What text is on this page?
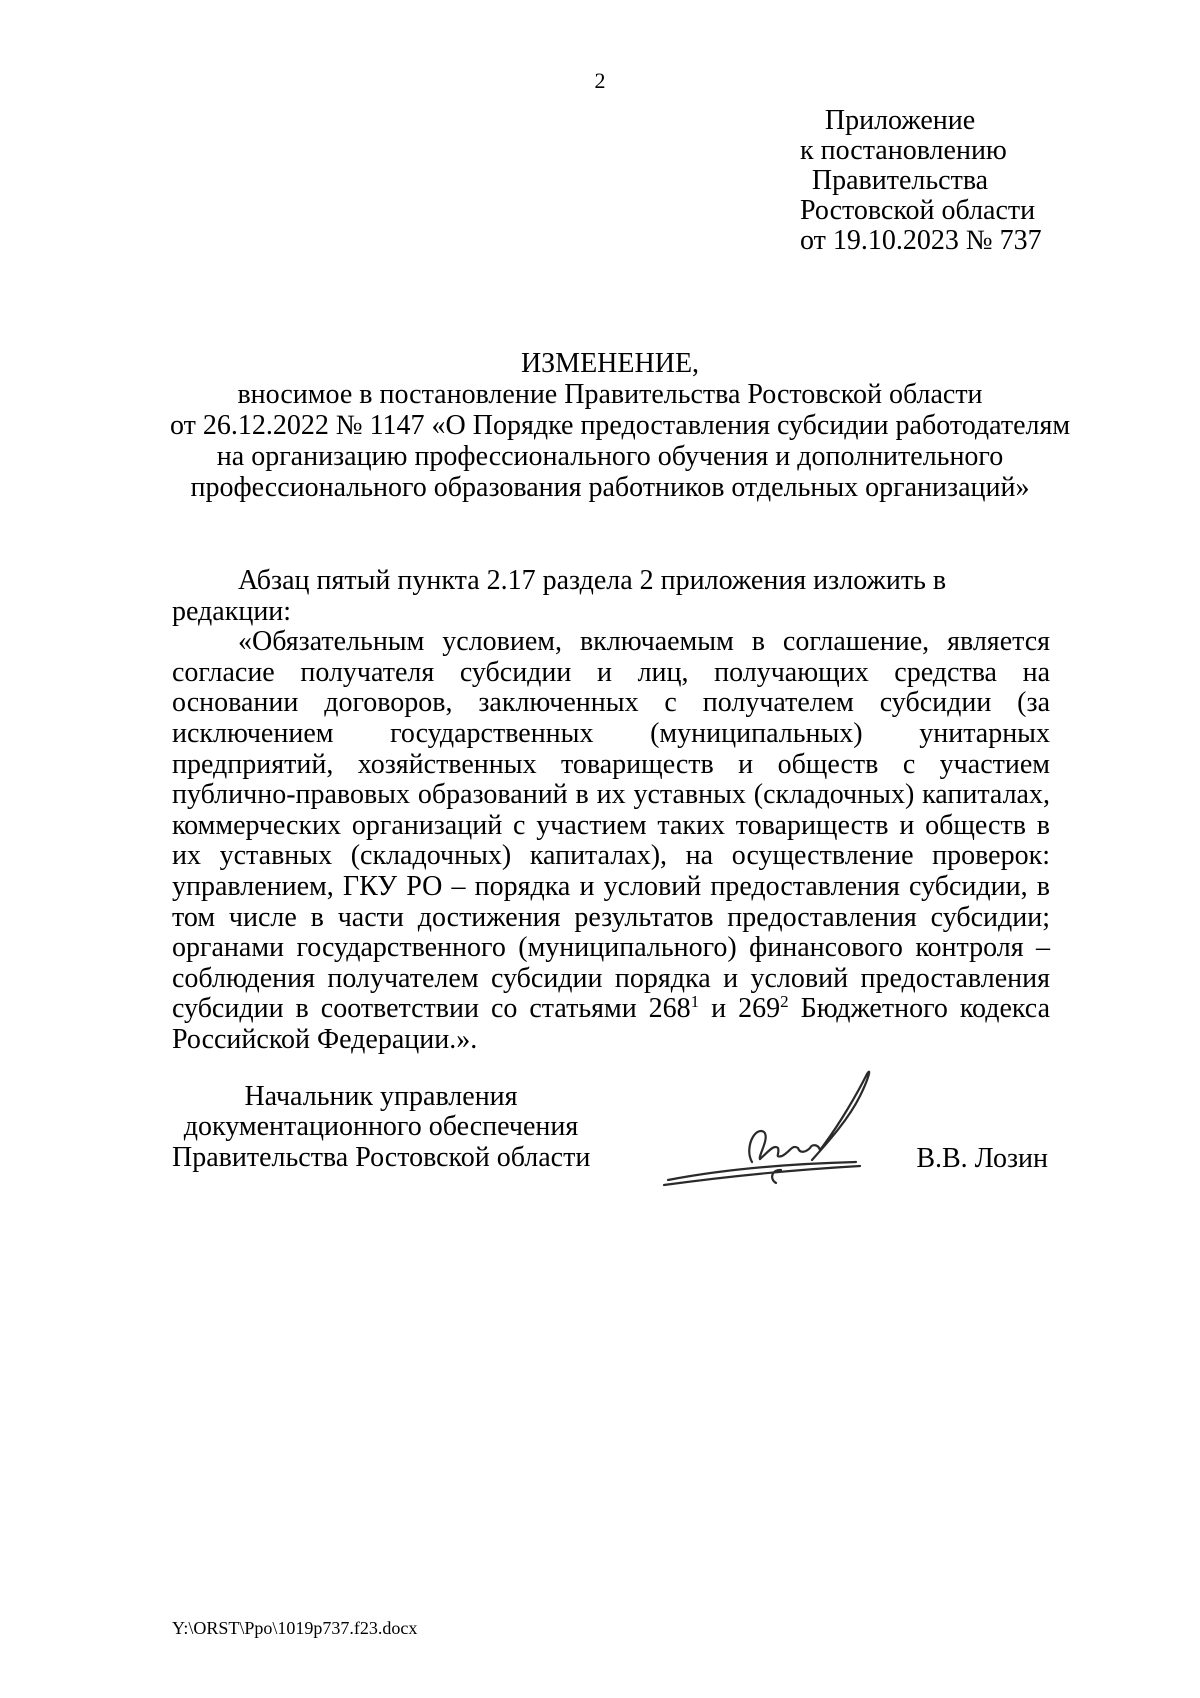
2
Приложение
к постановлению
Правительства
Ростовской области
от 19.10.2023 № 737
ИЗМЕНЕНИЕ,
вносимое в постановление Правительства Ростовской области
от 26.12.2022 № 1147 «О Порядке предоставления субсидии работодателям
на организацию профессионального обучения и дополнительного
профессионального образования работников отдельных организаций»
Абзац пятый пункта 2.17 раздела 2 приложения изложить в редакции:
«Обязательным условием, включаемым в соглашение, является согласие получателя субсидии и лиц, получающих средства на основании договоров, заключенных с получателем субсидии (за исключением государственных (муниципальных) унитарных предприятий, хозяйственных товариществ и обществ с участием публично-правовых образований в их уставных (складочных) капиталах, коммерческих организаций с участием таких товариществ и обществ в их уставных (складочных) капиталах), на осуществление проверок: управлением, ГКУ РО – порядка и условий предоставления субсидии, в том числе в части достижения результатов предоставления субсидии; органами государственного (муниципального) финансового контроля – соблюдения получателем субсидии порядка и условий предоставления субсидии в соответствии со статьями $268^1$ и $269^2$ Бюджетного кодекса Российской Федерации.».
Начальник управления
документационного обеспечения
Правительства Ростовской области	В.В. Лозин
Y:\ORST\Ppo\1019p737.f23.docx
